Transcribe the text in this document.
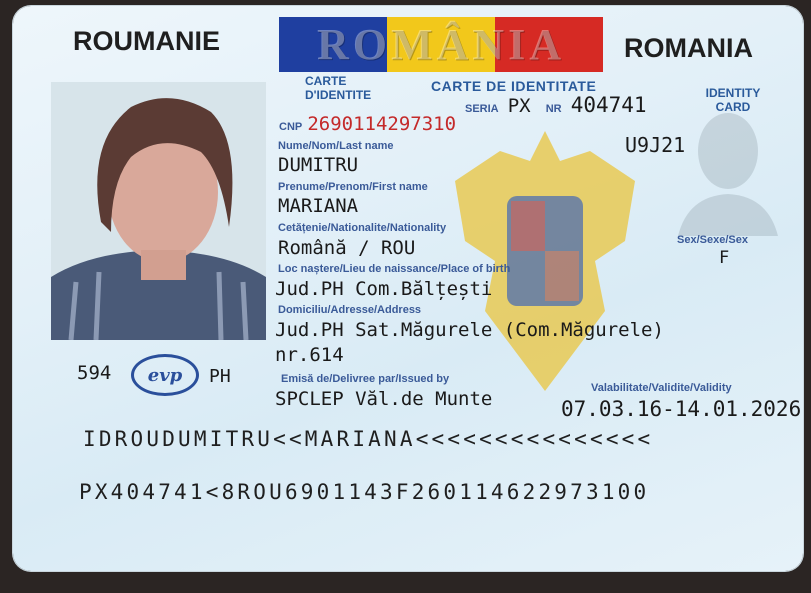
ROUMANIE	ROMÂNIA	ROMANIA
CARTE D'IDENTITE
CARTE DE IDENTITATE	IDENTITY CARD
SERIA PX NR 404741
CNP 2690114297310
U9J21
Nume/Nom/Last name
DUMITRU
Prenume/Prenom/First name
MARIANA
Cetățenie/Nationalite/Nationality
Română / ROU
Loc naștere/Lieu de naissance/Place of birth
Jud.PH Com.Bălțești
Domiciliu/Adresse/Address
Jud.PH Sat.Măgurele (Com.Măgurele)
nr.614
Emisă de/Delivree par/Issued by
SPCLEP Văl.de Munte
Sex/Sexe/Sex
F
Valabilitate/Validite/Validity
07.03.16-14.01.2026
594 evp PH
IDROUDUMITRU<<MARIANA<<<<<<<<<<<<<<<
PX404741<8ROU6901143F260114622973100
